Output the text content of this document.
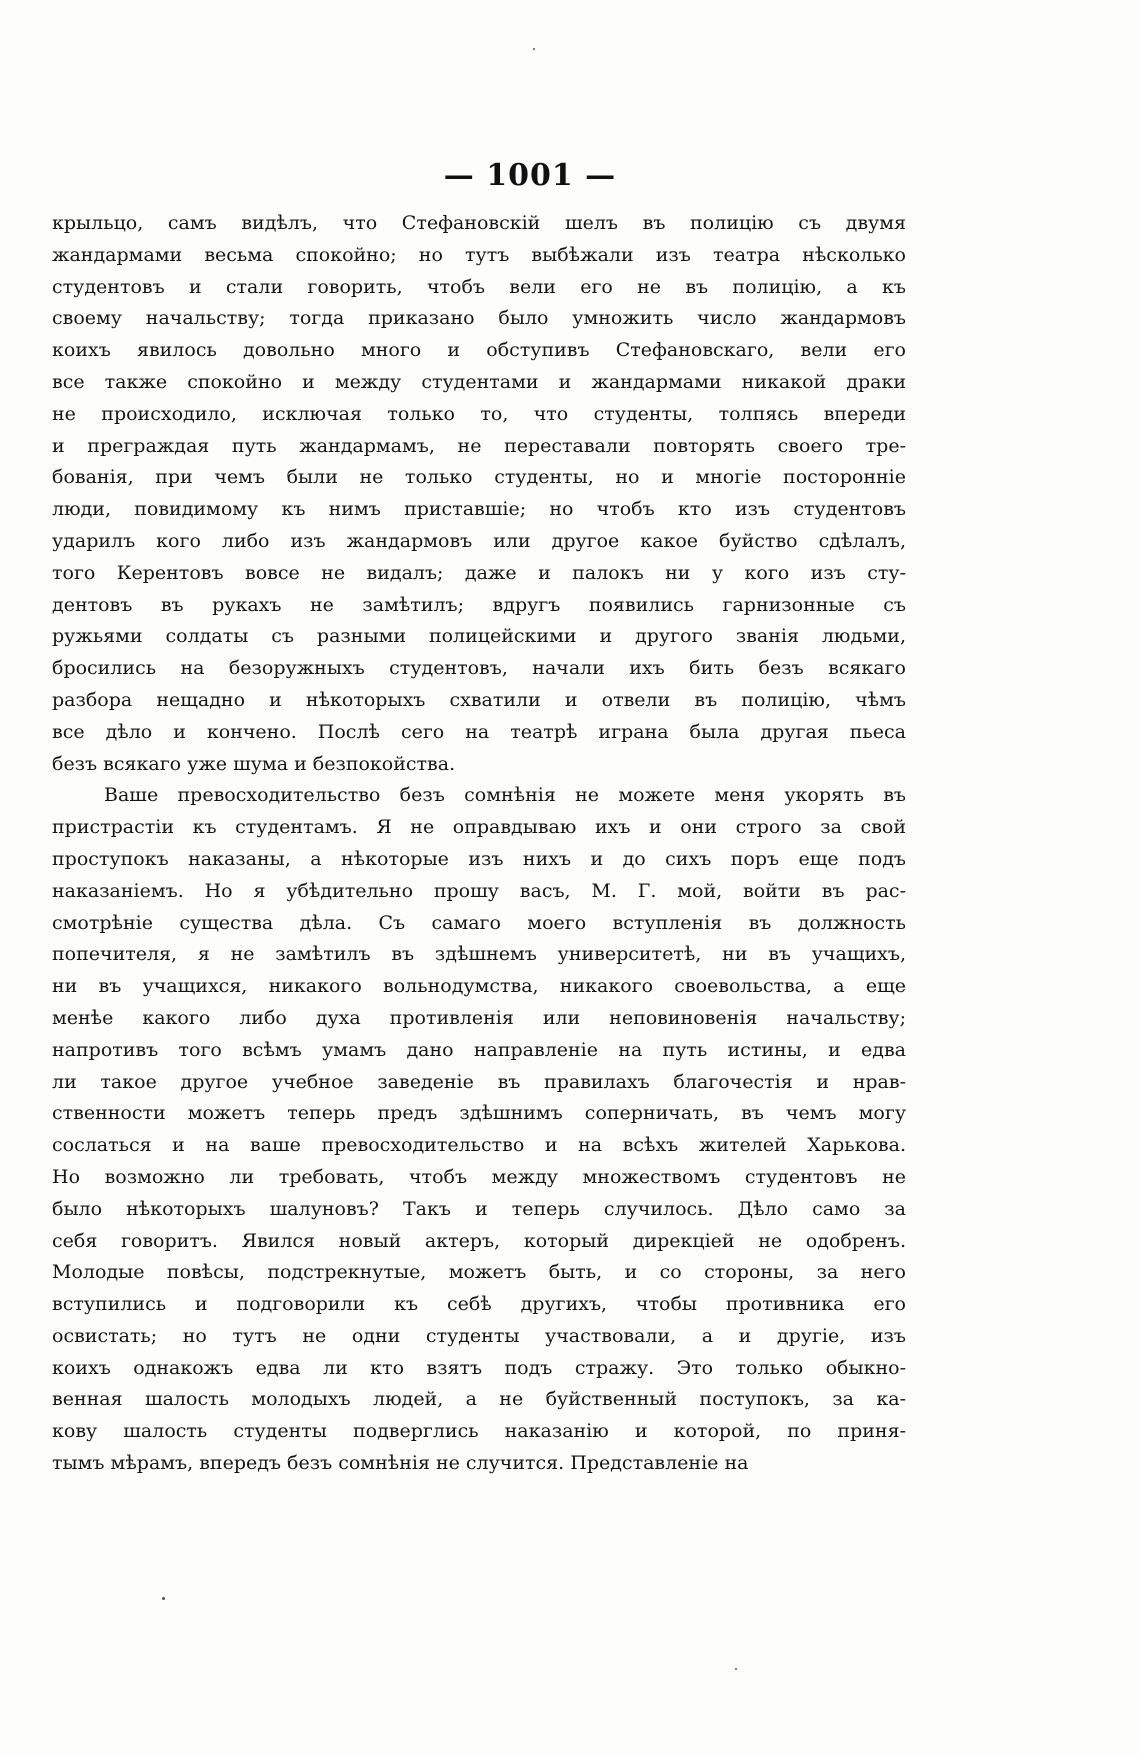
— 1001 —
крыльцо, самъ видѣлъ, что Стефановскій шелъ въ полицію съ двумя
жандармами весьма спокойно; но тутъ выбѣжали изъ театра нѣсколько
студентовъ и стали говорить, чтобъ вели его не въ полицію, а къ
своему начальству; тогда приказано было умножить число жандармовъ
коихъ явилось довольно много и обступивъ Стефановскаго, вели его
все также спокойно и между студентами и жандармами никакой драки
не происходило, исключая только то, что студенты, толпясь впереди
и преграждая путь жандармамъ, не переставали повторять своего тре-
бованія, при чемъ были не только студенты, но и многіе посторонніе
люди, повидимому къ нимъ приставшіе; но чтобъ кто изъ студентовъ
ударилъ кого либо изъ жандармовъ или другое какое буйство сдѣлалъ,
того Керентовъ вовсе не видалъ; даже и палокъ ни у кого изъ сту-
дентовъ въ рукахъ не замѣтилъ; вдругъ появились гарнизонные съ
ружьями солдаты съ разными полицейскими и другого званія людьми,
бросились на безоружныхъ студентовъ, начали ихъ бить безъ всякаго
разбора нещадно и нѣкоторыхъ схватили и отвели въ полицію, чѣмъ
все дѣло и кончено. Послѣ сего на театрѣ играна была другая пьеса
безъ всякаго уже шума и безпокойства.
Ваше превосходительство безъ сомнѣнія не можете меня укорять въ
пристрастіи къ студентамъ. Я не оправдываю ихъ и они строго за свой
проступокъ наказаны, а нѣкоторые изъ нихъ и до сихъ поръ еще подъ
наказаніемъ. Но я убѣдительно прошу васъ, М. Г. мой, войти въ рас-
смотрѣніе существа дѣла. Съ самаго моего вступленія въ должность
попечителя, я не замѣтилъ въ здѣшнемъ университетѣ, ни въ учащихъ,
ни въ учащихся, никакого вольнодумства, никакого своевольства, а еще
менѣе какого либо духа противленія или неповиновенія начальству;
напротивъ того всѣмъ умамъ дано направленіе на путь истины, и едва
ли такое другое учебное заведеніе въ правилахъ благочестія и нрав-
ственности можетъ теперь предъ здѣшнимъ соперничать, въ чемъ могу
сослаться и на ваше превосходительство и на всѣхъ жителей Харькова.
Но возможно ли требовать, чтобъ между множествомъ студентовъ не
было нѣкоторыхъ шалуновъ? Такъ и теперь случилось. Дѣло само за
себя говоритъ. Явился новый актеръ, который дирекціей не одобренъ.
Молодые повѣсы, подстрекнутые, можетъ быть, и со стороны, за него
вступились и подговорили къ себѣ другихъ, чтобы противника его
освистать; но тутъ не одни студенты участвовали, а и другіе, изъ
коихъ однакожъ едва ли кто взятъ подъ стражу. Это только обыкно-
венная шалость молодыхъ людей, а не буйственный поступокъ, за ка-
кову шалость студенты подверглись наказанію и которой, по приня-
тымъ мѣрамъ, впередъ безъ сомнѣнія не случится. Представленіе на
